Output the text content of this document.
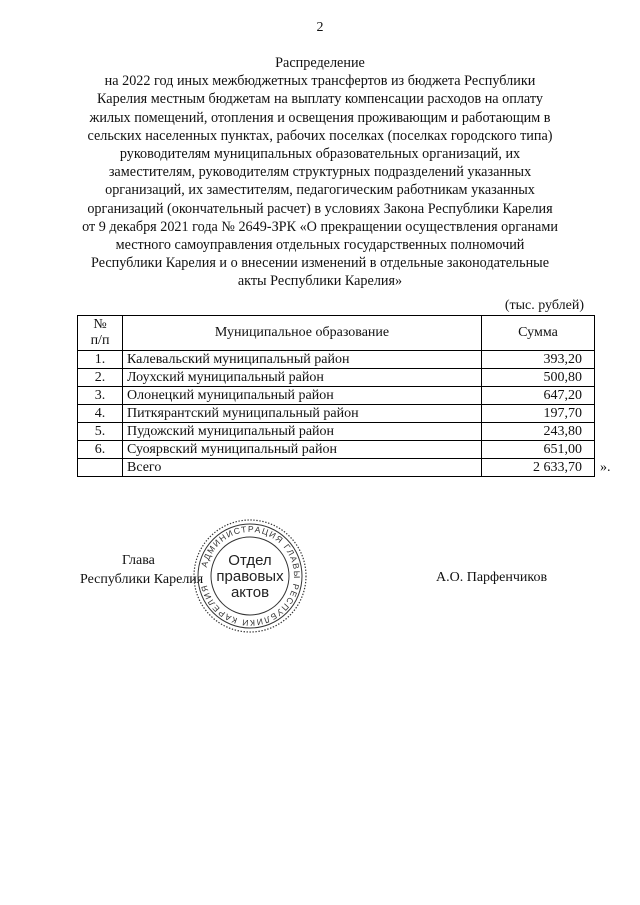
2
Распределение
на 2022 год иных межбюджетных трансфертов из бюджета Республики
Карелия местным бюджетам на выплату компенсации расходов на оплату
жилых помещений, отопления и освещения проживающим и работающим в
сельских населенных пунктах, рабочих поселках (поселках городского типа)
руководителям муниципальных образовательных организаций, их
заместителям, руководителям структурных подразделений указанных
организаций, их заместителям, педагогическим работникам указанных
организаций (окончательный расчет) в условиях Закона Республики Карелия
от 9 декабря 2021 года № 2649-ЗРК «О прекращении осуществления органами
местного самоуправления отдельных государственных полномочий
Республики Карелия и о внесении изменений в отдельные законодательные
акты Республики Карелия»
(тыс. рублей)
№
п/п	Муниципальное образование	Сумма
1.	Калевальский муниципальный район	393,20
2.	Лоухский муниципальный район	500,80
3.	Олонецкий муниципальный район	647,20
4.	Питкярантский муниципальный район	197,70
5.	Пудожский муниципальный район	243,80
6.	Суоярвский муниципальный район	651,00
	Всего	2 633,70 ».
Глава
Республики Карелия
АДМИНИСТРАЦИЯ ГЛАВЫ РЕСПУБЛИКИ КАРЕЛИЯ
Отдел
правовых
актов
А.О. Парфенчиков
